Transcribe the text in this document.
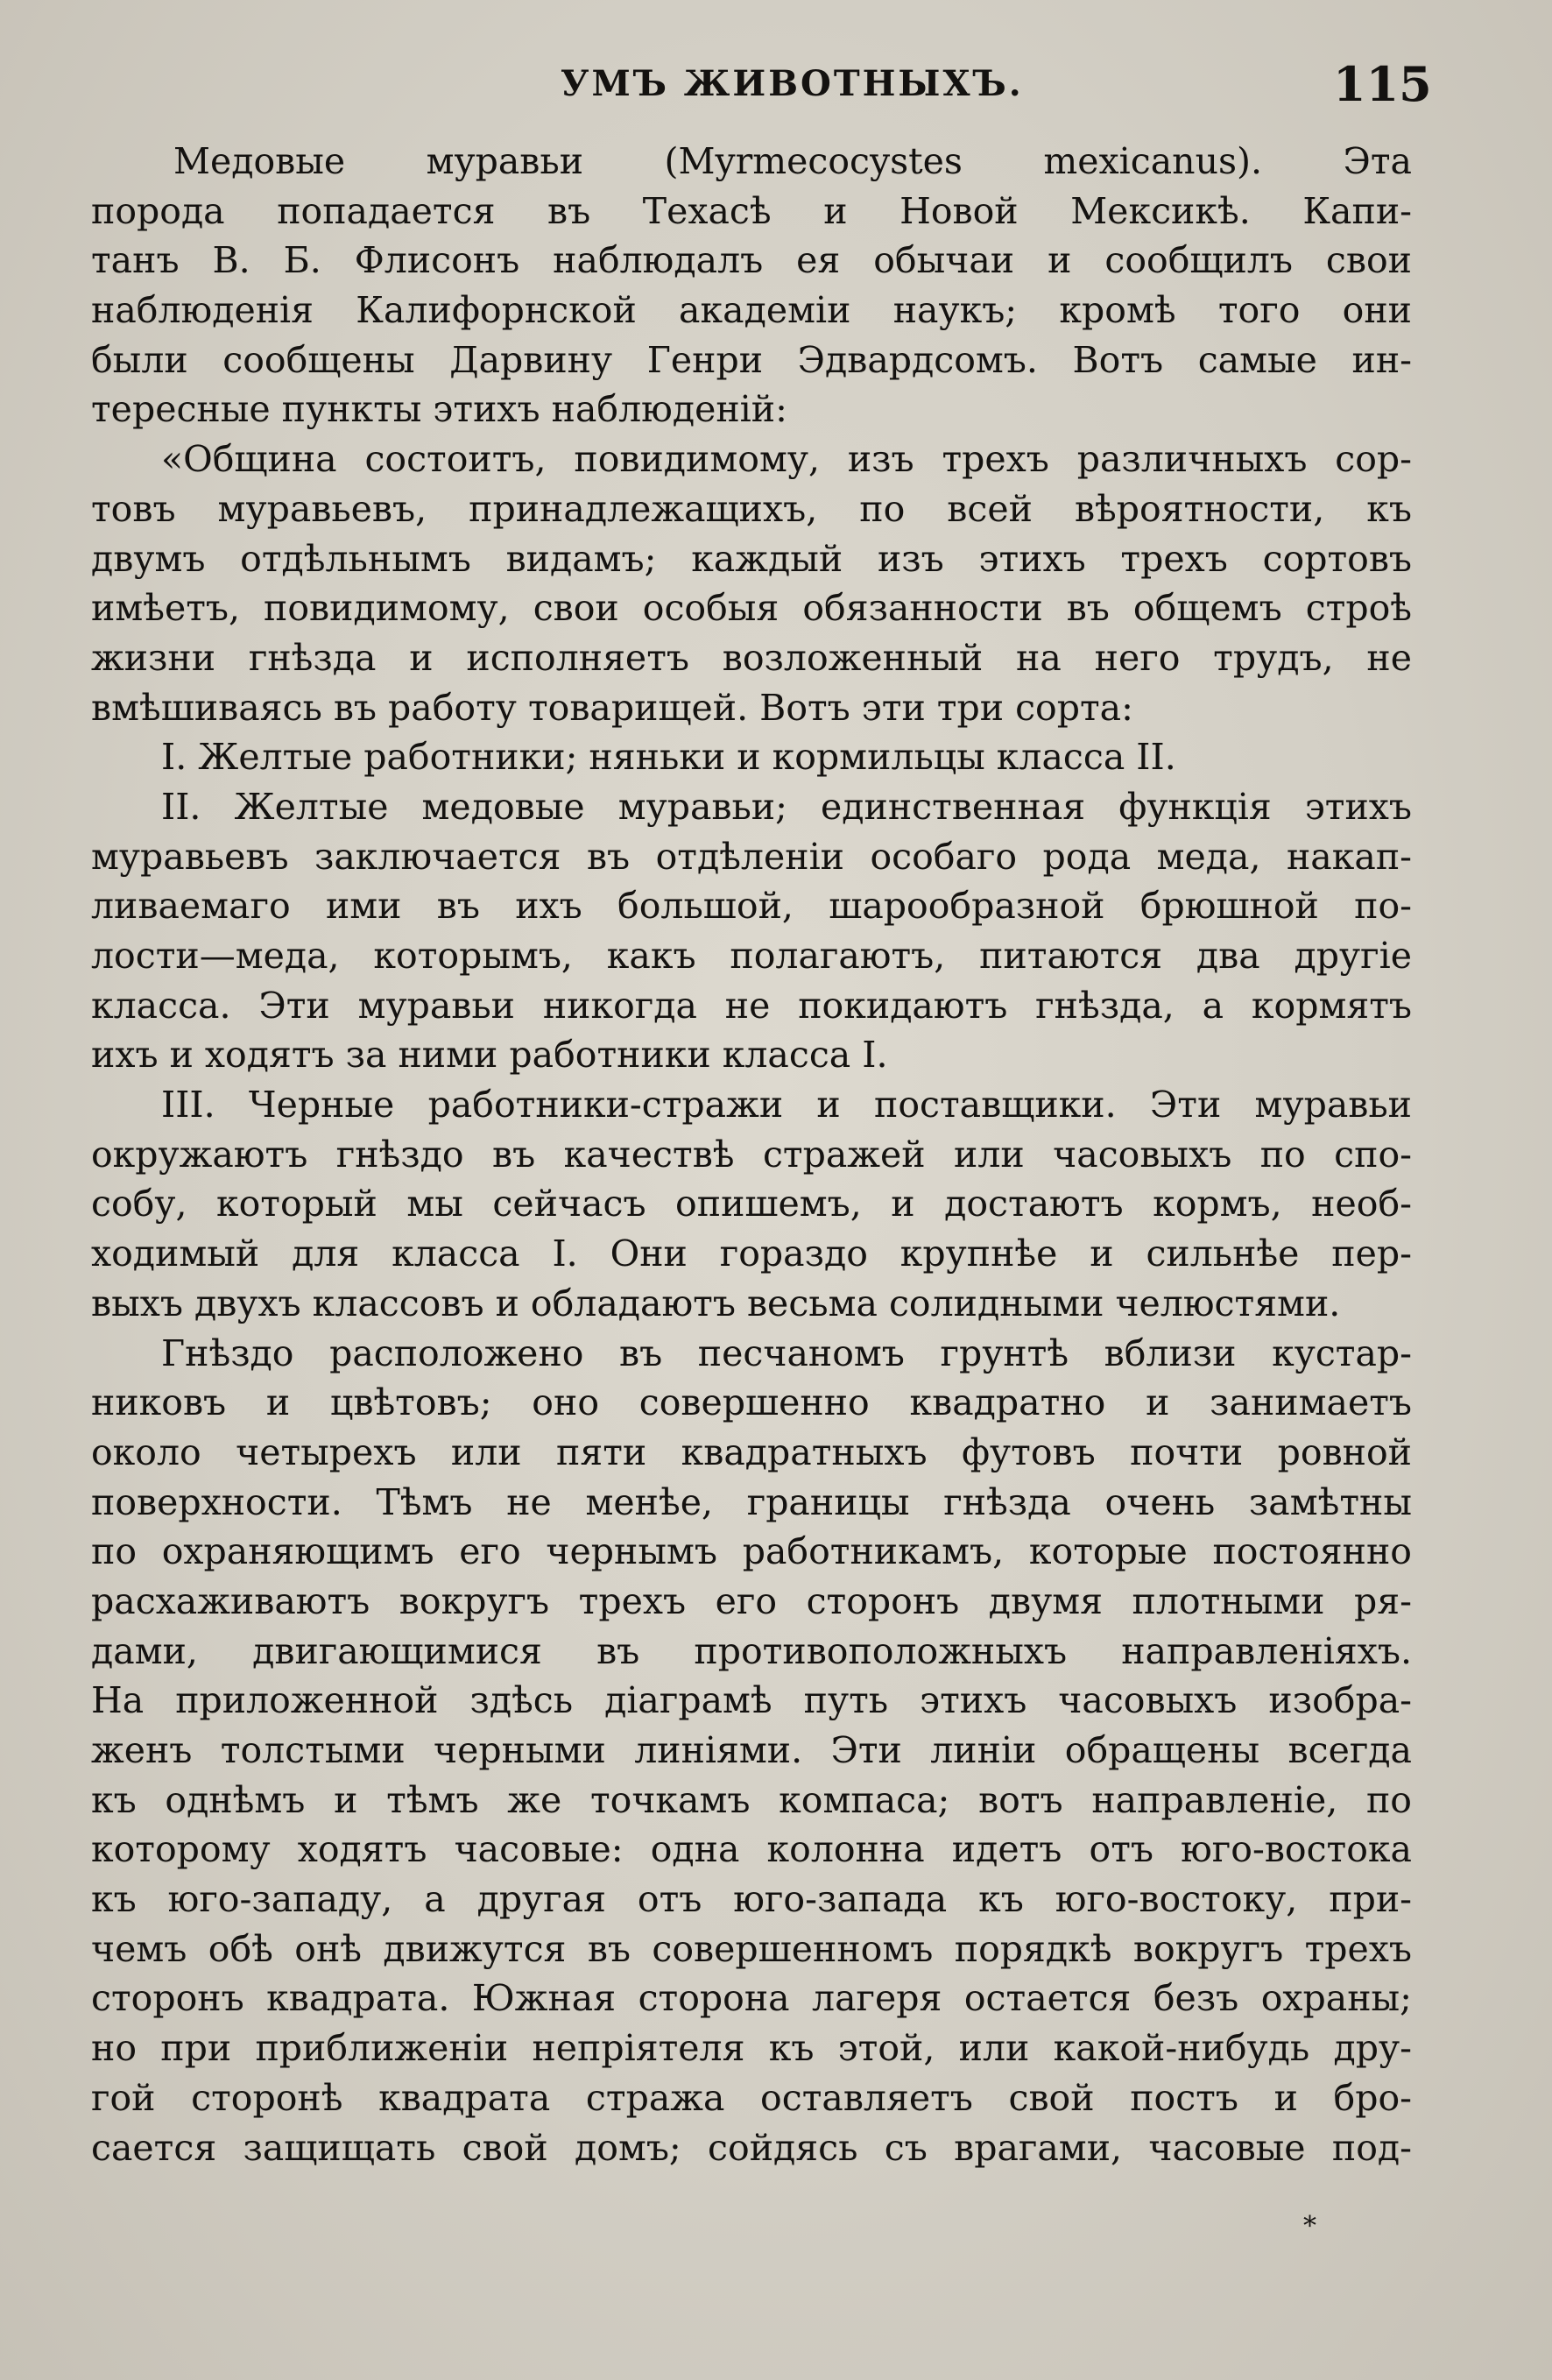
УМЪ ЖИВОТНЫХЪ.	115
Медовые муравьи (Myrmecocystes mexicanus). Эта
порода попадается въ Техасѣ и Новой Мексикѣ. Капи-
танъ В. Б. Флисонъ наблюдалъ ея обычаи и сообщилъ свои
наблюденія Калифорнской академіи наукъ; кромѣ того они
были сообщены Дарвину Генри Эдвардсомъ. Вотъ самые ин-
тересные пункты этихъ наблюденій:
«Община состоитъ, повидимому, изъ трехъ различныхъ сор-
товъ муравьевъ, принадлежащихъ, по всей вѣроятности, къ
двумъ отдѣльнымъ видамъ; каждый изъ этихъ трехъ сортовъ
имѣетъ, повидимому, свои особыя обязанности въ общемъ строѣ
жизни гнѣзда и исполняетъ возложенный на него трудъ, не
вмѣшиваясь въ работу товарищей. Вотъ эти три сорта:
I. Желтые работники; няньки и кормильцы класса II.
II. Желтые медовые муравьи; единственная функція этихъ
муравьевъ заключается въ отдѣленіи особаго рода меда, накап-
ливаемаго ими въ ихъ большой, шарообразной брюшной по-
лости—меда, которымъ, какъ полагаютъ, питаются два другіе
класса. Эти муравьи никогда не покидаютъ гнѣзда, а кормятъ
ихъ и ходятъ за ними работники класса I.
III. Черные работники-стражи и поставщики. Эти муравьи
окружаютъ гнѣздо въ качествѣ стражей или часовыхъ по спо-
собу, который мы сейчасъ опишемъ, и достаютъ кормъ, необ-
ходимый для класса I. Они гораздо крупнѣе и сильнѣе пер-
выхъ двухъ классовъ и обладаютъ весьма солидными челюстями.
Гнѣздо расположено въ песчаномъ грунтѣ вблизи кустар-
никовъ и цвѣтовъ; оно совершенно квадратно и занимаетъ
около четырехъ или пяти квадратныхъ футовъ почти ровной
поверхности. Тѣмъ не менѣе, границы гнѣзда очень замѣтны
по охраняющимъ его чернымъ работникамъ, которые постоянно
расхаживаютъ вокругъ трехъ его сторонъ двумя плотными ря-
дами, двигающимися въ противоположныхъ направленіяхъ.
На приложенной здѣсь діаграмѣ путь этихъ часовыхъ изобра-
женъ толстыми черными линіями. Эти линіи обращены всегда
къ однѣмъ и тѣмъ же точкамъ компаса; вотъ направленіе, по
которому ходятъ часовые: одна колонна идетъ отъ юго-востока
къ юго-западу, а другая отъ юго-запада къ юго-востоку, при-
чемъ обѣ онѣ движутся въ совершенномъ порядкѣ вокругъ трехъ
сторонъ квадрата. Южная сторона лагеря остается безъ охраны;
но при приближеніи непріятеля къ этой, или какой-нибудь дру-
гой сторонѣ квадрата стража оставляетъ свой постъ и бро-
сается защищать свой домъ; сойдясь съ врагами, часовые под-
*
